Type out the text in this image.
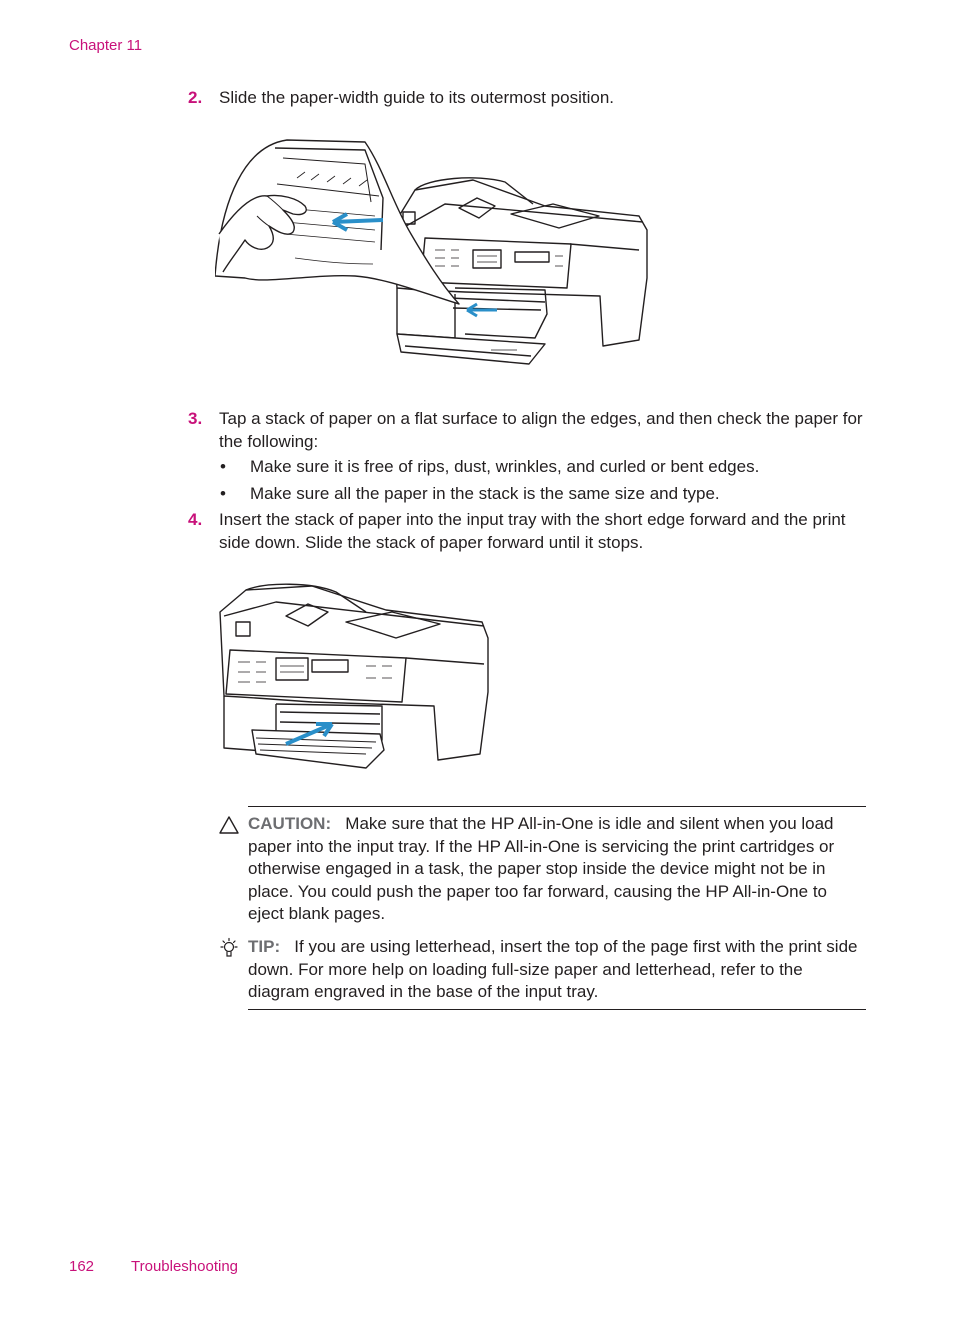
Chapter 11
2. Slide the paper-width guide to its outermost position.
3. Tap a stack of paper on a flat surface to align the edges, and then check the paper for the following:
• Make sure it is free of rips, dust, wrinkles, and curled or bent edges.
• Make sure all the paper in the stack is the same size and type.
4. Insert the stack of paper into the input tray with the short edge forward and the print side down. Slide the stack of paper forward until it stops.
CAUTION: Make sure that the HP All-in-One is idle and silent when you load paper into the input tray. If the HP All-in-One is servicing the print cartridges or otherwise engaged in a task, the paper stop inside the device might not be in place. You could push the paper too far forward, causing the HP All-in-One to eject blank pages.
TIP: If you are using letterhead, insert the top of the page first with the print side down. For more help on loading full-size paper and letterhead, refer to the diagram engraved in the base of the input tray.
162 Troubleshooting
